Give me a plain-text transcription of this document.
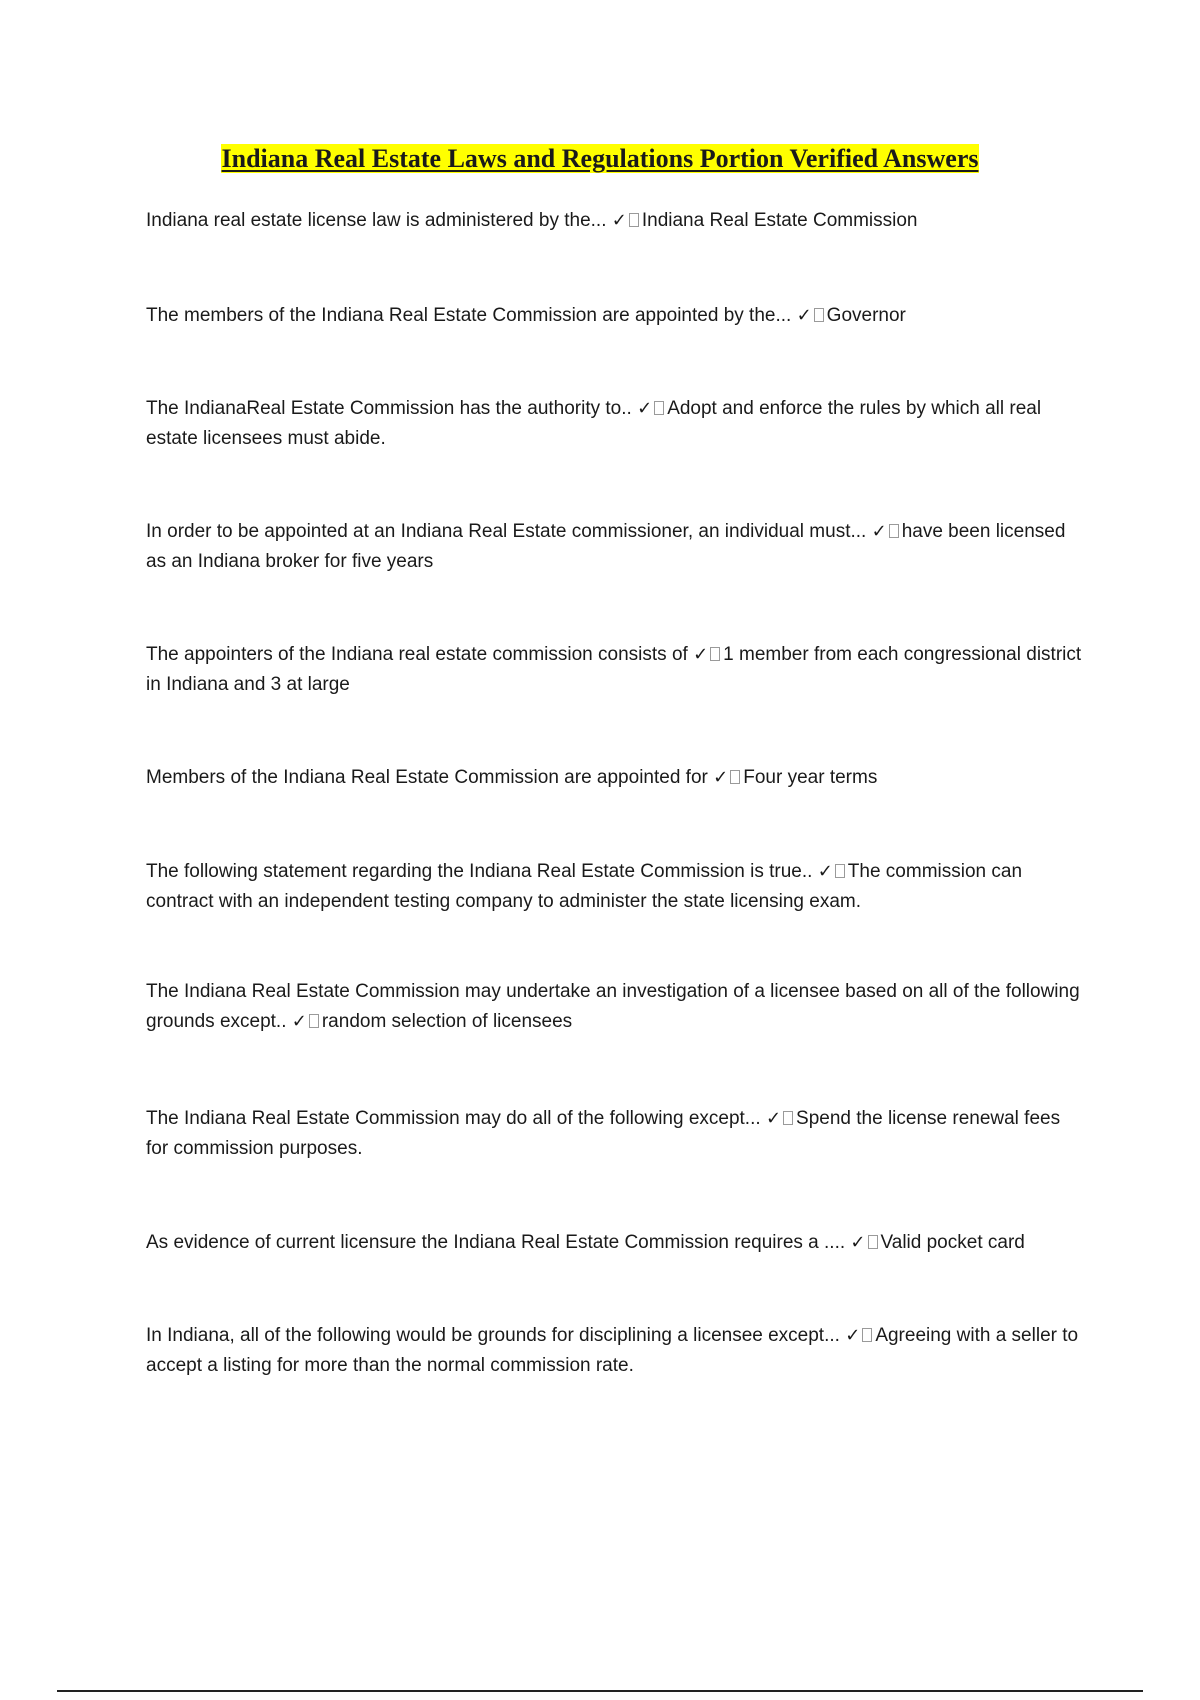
Indiana Real Estate Laws and Regulations Portion Verified Answers

Indiana real estate license law is administered by the... ✓ Indiana Real Estate Commission

The members of the Indiana Real Estate Commission are appointed by the... ✓ Governor

The IndianaReal Estate Commission has the authority to.. ✓ Adopt and enforce the rules by which all real estate licensees must abide.

In order to be appointed at an Indiana Real Estate commissioner, an individual must... ✓ have been licensed as an Indiana broker for five years

The appointers of the Indiana real estate commission consists of ✓ 1 member from each congressional district in Indiana and 3 at large

Members of the Indiana Real Estate Commission are appointed for ✓ Four year terms

The following statement regarding the Indiana Real Estate Commission is true.. ✓ The commission can contract with an independent testing company to administer the state licensing exam.

The Indiana Real Estate Commission may undertake an investigation of a licensee based on all of the following grounds except.. ✓ random selection of licensees

The Indiana Real Estate Commission may do all of the following except... ✓ Spend the license renewal fees for commission purposes.

As evidence of current licensure the Indiana Real Estate Commission requires a .... ✓ Valid pocket card

In Indiana, all of the following would be grounds for disciplining a licensee except... ✓ Agreeing with a seller to accept a listing for more than the normal commission rate.
